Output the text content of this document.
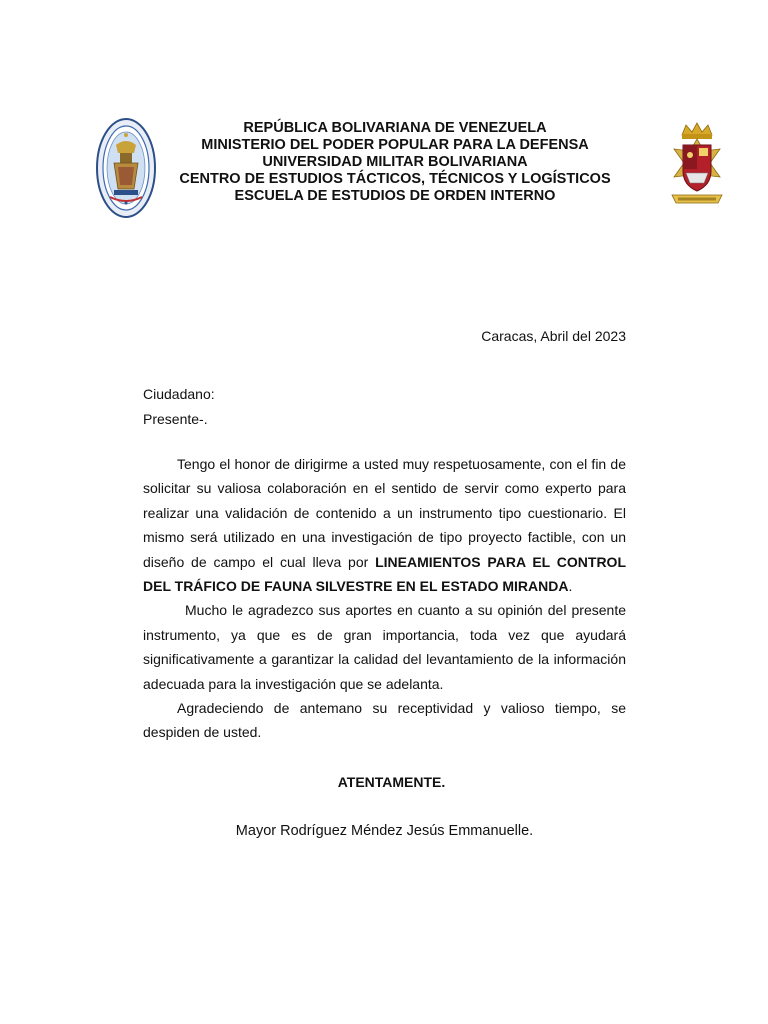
REPÚBLICA BOLIVARIANA DE VENEZUELA
MINISTERIO DEL PODER POPULAR PARA LA DEFENSA
UNIVERSIDAD MILITAR BOLIVARIANA
CENTRO DE ESTUDIOS TÁCTICOS, TÉCNICOS Y LOGÍSTICOS
ESCUELA DE ESTUDIOS DE ORDEN INTERNO
Caracas, Abril del 2023
Ciudadano:
Presente-.

Tengo el honor de dirigirme a usted muy respetuosamente, con el fin de solicitar su valiosa colaboración en el sentido de servir como experto para realizar una validación de contenido a un instrumento tipo cuestionario. El mismo será utilizado en una investigación de tipo proyecto factible, con un diseño de campo el cual lleva por LINEAMIENTOS PARA EL CONTROL DEL TRÁFICO DE FAUNA SILVESTRE EN EL ESTADO MIRANDA.

Mucho le agradezco sus aportes en cuanto a su opinión del presente instrumento, ya que es de gran importancia, toda vez que ayudará significativamente a garantizar la calidad del levantamiento de la información adecuada para la investigación que se adelanta.

Agradeciendo de antemano su receptividad y valioso tiempo, se despiden de usted.

ATENTAMENTE.
Mayor Rodríguez Méndez Jesús Emmanuelle.
